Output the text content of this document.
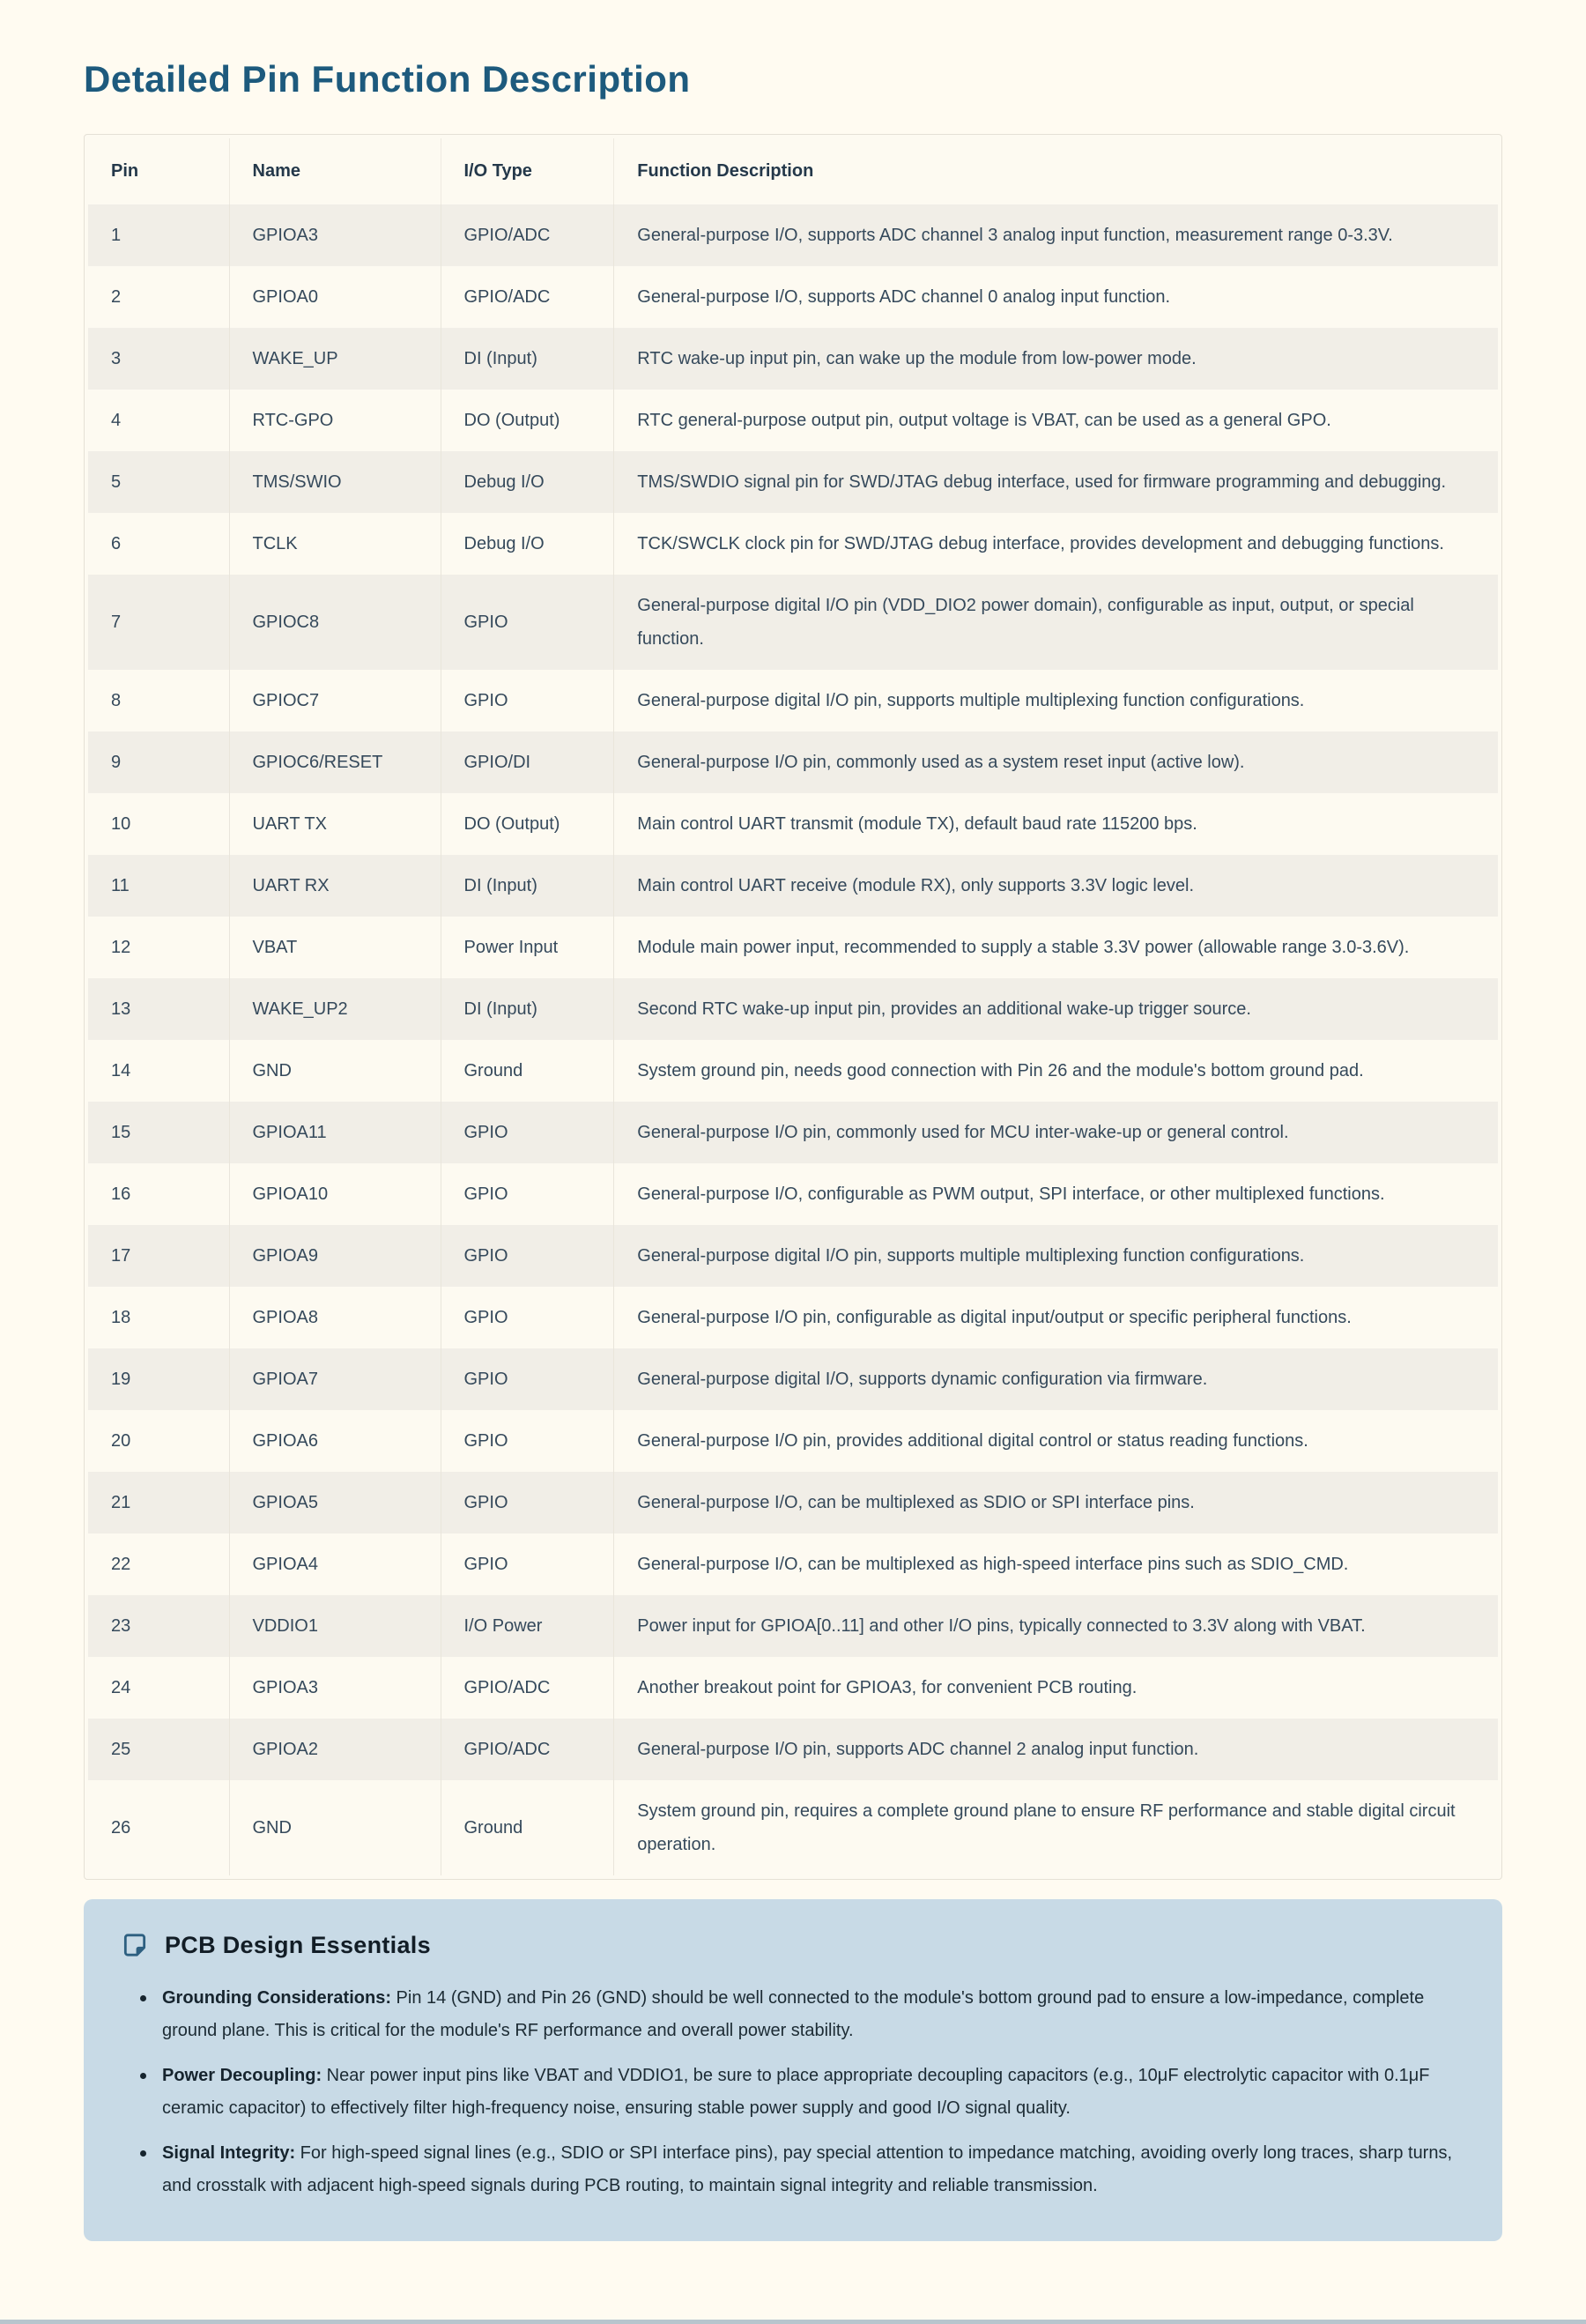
Detailed Pin Function Description
Pin	Name	I/O Type	Function Description
1	GPIOA3	GPIO/ADC	General-purpose I/O, supports ADC channel 3 analog input function, measurement range 0-3.3V.
2	GPIOA0	GPIO/ADC	General-purpose I/O, supports ADC channel 0 analog input function.
3	WAKE_UP	DI (Input)	RTC wake-up input pin, can wake up the module from low-power mode.
4	RTC-GPO	DO (Output)	RTC general-purpose output pin, output voltage is VBAT, can be used as a general GPO.
5	TMS/SWIO	Debug I/O	TMS/SWDIO signal pin for SWD/JTAG debug interface, used for firmware programming and debugging.
6	TCLK	Debug I/O	TCK/SWCLK clock pin for SWD/JTAG debug interface, provides development and debugging functions.
7	GPIOC8	GPIO	General-purpose digital I/O pin (VDD_DIO2 power domain), configurable as input, output, or special function.
8	GPIOC7	GPIO	General-purpose digital I/O pin, supports multiple multiplexing function configurations.
9	GPIOC6/RESET	GPIO/DI	General-purpose I/O pin, commonly used as a system reset input (active low).
10	UART TX	DO (Output)	Main control UART transmit (module TX), default baud rate 115200 bps.
11	UART RX	DI (Input)	Main control UART receive (module RX), only supports 3.3V logic level.
12	VBAT	Power Input	Module main power input, recommended to supply a stable 3.3V power (allowable range 3.0-3.6V).
13	WAKE_UP2	DI (Input)	Second RTC wake-up input pin, provides an additional wake-up trigger source.
14	GND	Ground	System ground pin, needs good connection with Pin 26 and the module's bottom ground pad.
15	GPIOA11	GPIO	General-purpose I/O pin, commonly used for MCU inter-wake-up or general control.
16	GPIOA10	GPIO	General-purpose I/O, configurable as PWM output, SPI interface, or other multiplexed functions.
17	GPIOA9	GPIO	General-purpose digital I/O pin, supports multiple multiplexing function configurations.
18	GPIOA8	GPIO	General-purpose I/O pin, configurable as digital input/output or specific peripheral functions.
19	GPIOA7	GPIO	General-purpose digital I/O, supports dynamic configuration via firmware.
20	GPIOA6	GPIO	General-purpose I/O pin, provides additional digital control or status reading functions.
21	GPIOA5	GPIO	General-purpose I/O, can be multiplexed as SDIO or SPI interface pins.
22	GPIOA4	GPIO	General-purpose I/O, can be multiplexed as high-speed interface pins such as SDIO_CMD.
23	VDDIO1	I/O Power	Power input for GPIOA[0..11] and other I/O pins, typically connected to 3.3V along with VBAT.
24	GPIOA3	GPIO/ADC	Another breakout point for GPIOA3, for convenient PCB routing.
25	GPIOA2	GPIO/ADC	General-purpose I/O pin, supports ADC channel 2 analog input function.
26	GND	Ground	System ground pin, requires a complete ground plane to ensure RF performance and stable digital circuit operation.
PCB Design Essentials

Grounding Considerations: Pin 14 (GND) and Pin 26 (GND) should be well connected to the module's bottom ground pad to ensure a low-impedance, complete ground plane. This is critical for the module's RF performance and overall power stability.

Power Decoupling: Near power input pins like VBAT and VDDIO1, be sure to place appropriate decoupling capacitors (e.g., 10μF electrolytic capacitor with 0.1μF ceramic capacitor) to effectively filter high-frequency noise, ensuring stable power supply and good I/O signal quality.

Signal Integrity: For high-speed signal lines (e.g., SDIO or SPI interface pins), pay special attention to impedance matching, avoiding overly long traces, sharp turns, and crosstalk with adjacent high-speed signals during PCB routing, to maintain signal integrity and reliable transmission.
